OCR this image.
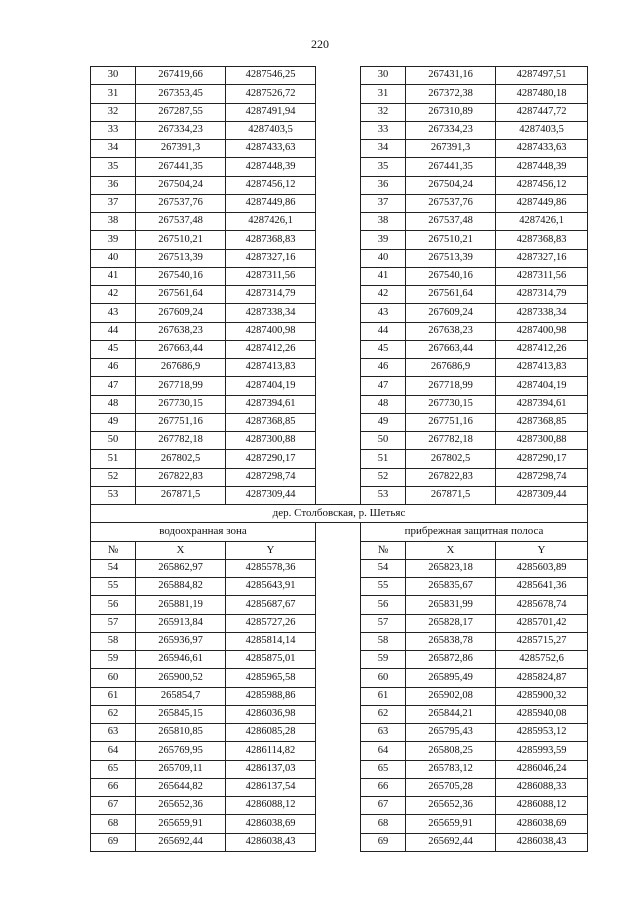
220
30	267419,66	4287546,25		30	267431,16	4287497,51
31	267353,45	4287526,72		31	267372,38	4287480,18
32	267287,55	4287491,94		32	267310,89	4287447,72
33	267334,23	4287403,5		33	267334,23	4287403,5
34	267391,3	4287433,63		34	267391,3	4287433,63
35	267441,35	4287448,39		35	267441,35	4287448,39
36	267504,24	4287456,12		36	267504,24	4287456,12
37	267537,76	4287449,86		37	267537,76	4287449,86
38	267537,48	4287426,1		38	267537,48	4287426,1
39	267510,21	4287368,83		39	267510,21	4287368,83
40	267513,39	4287327,16		40	267513,39	4287327,16
41	267540,16	4287311,56		41	267540,16	4287311,56
42	267561,64	4287314,79		42	267561,64	4287314,79
43	267609,24	4287338,34		43	267609,24	4287338,34
44	267638,23	4287400,98		44	267638,23	4287400,98
45	267663,44	4287412,26		45	267663,44	4287412,26
46	267686,9	4287413,83		46	267686,9	4287413,83
47	267718,99	4287404,19		47	267718,99	4287404,19
48	267730,15	4287394,61		48	267730,15	4287394,61
49	267751,16	4287368,85		49	267751,16	4287368,85
50	267782,18	4287300,88		50	267782,18	4287300,88
51	267802,5	4287290,17		51	267802,5	4287290,17
52	267822,83	4287298,74		52	267822,83	4287298,74
53	267871,5	4287309,44		53	267871,5	4287309,44
дер. Столбовская, р. Шетьяс						
водоохранная зона				прибрежная защитная полоса		
№	X	Y		№	X	Y
54	265862,97	4285578,36		54	265823,18	4285603,89
55	265884,82	4285643,91		55	265835,67	4285641,36
56	265881,19	4285687,67		56	265831,99	4285678,74
57	265913,84	4285727,26		57	265828,17	4285701,42
58	265936,97	4285814,14		58	265838,78	4285715,27
59	265946,61	4285875,01		59	265872,86	4285752,6
60	265900,52	4285965,58		60	265895,49	4285824,87
61	265854,7	4285988,86		61	265902,08	4285900,32
62	265845,15	4286036,98		62	265844,21	4285940,08
63	265810,85	4286085,28		63	265795,43	4285953,12
64	265769,95	4286114,82		64	265808,25	4285993,59
65	265709,11	4286137,03		65	265783,12	4286046,24
66	265644,82	4286137,54		66	265705,28	4286088,33
67	265652,36	4286088,12		67	265652,36	4286088,12
68	265659,91	4286038,69		68	265659,91	4286038,69
69	265692,44	4286038,43		69	265692,44	4286038,43
